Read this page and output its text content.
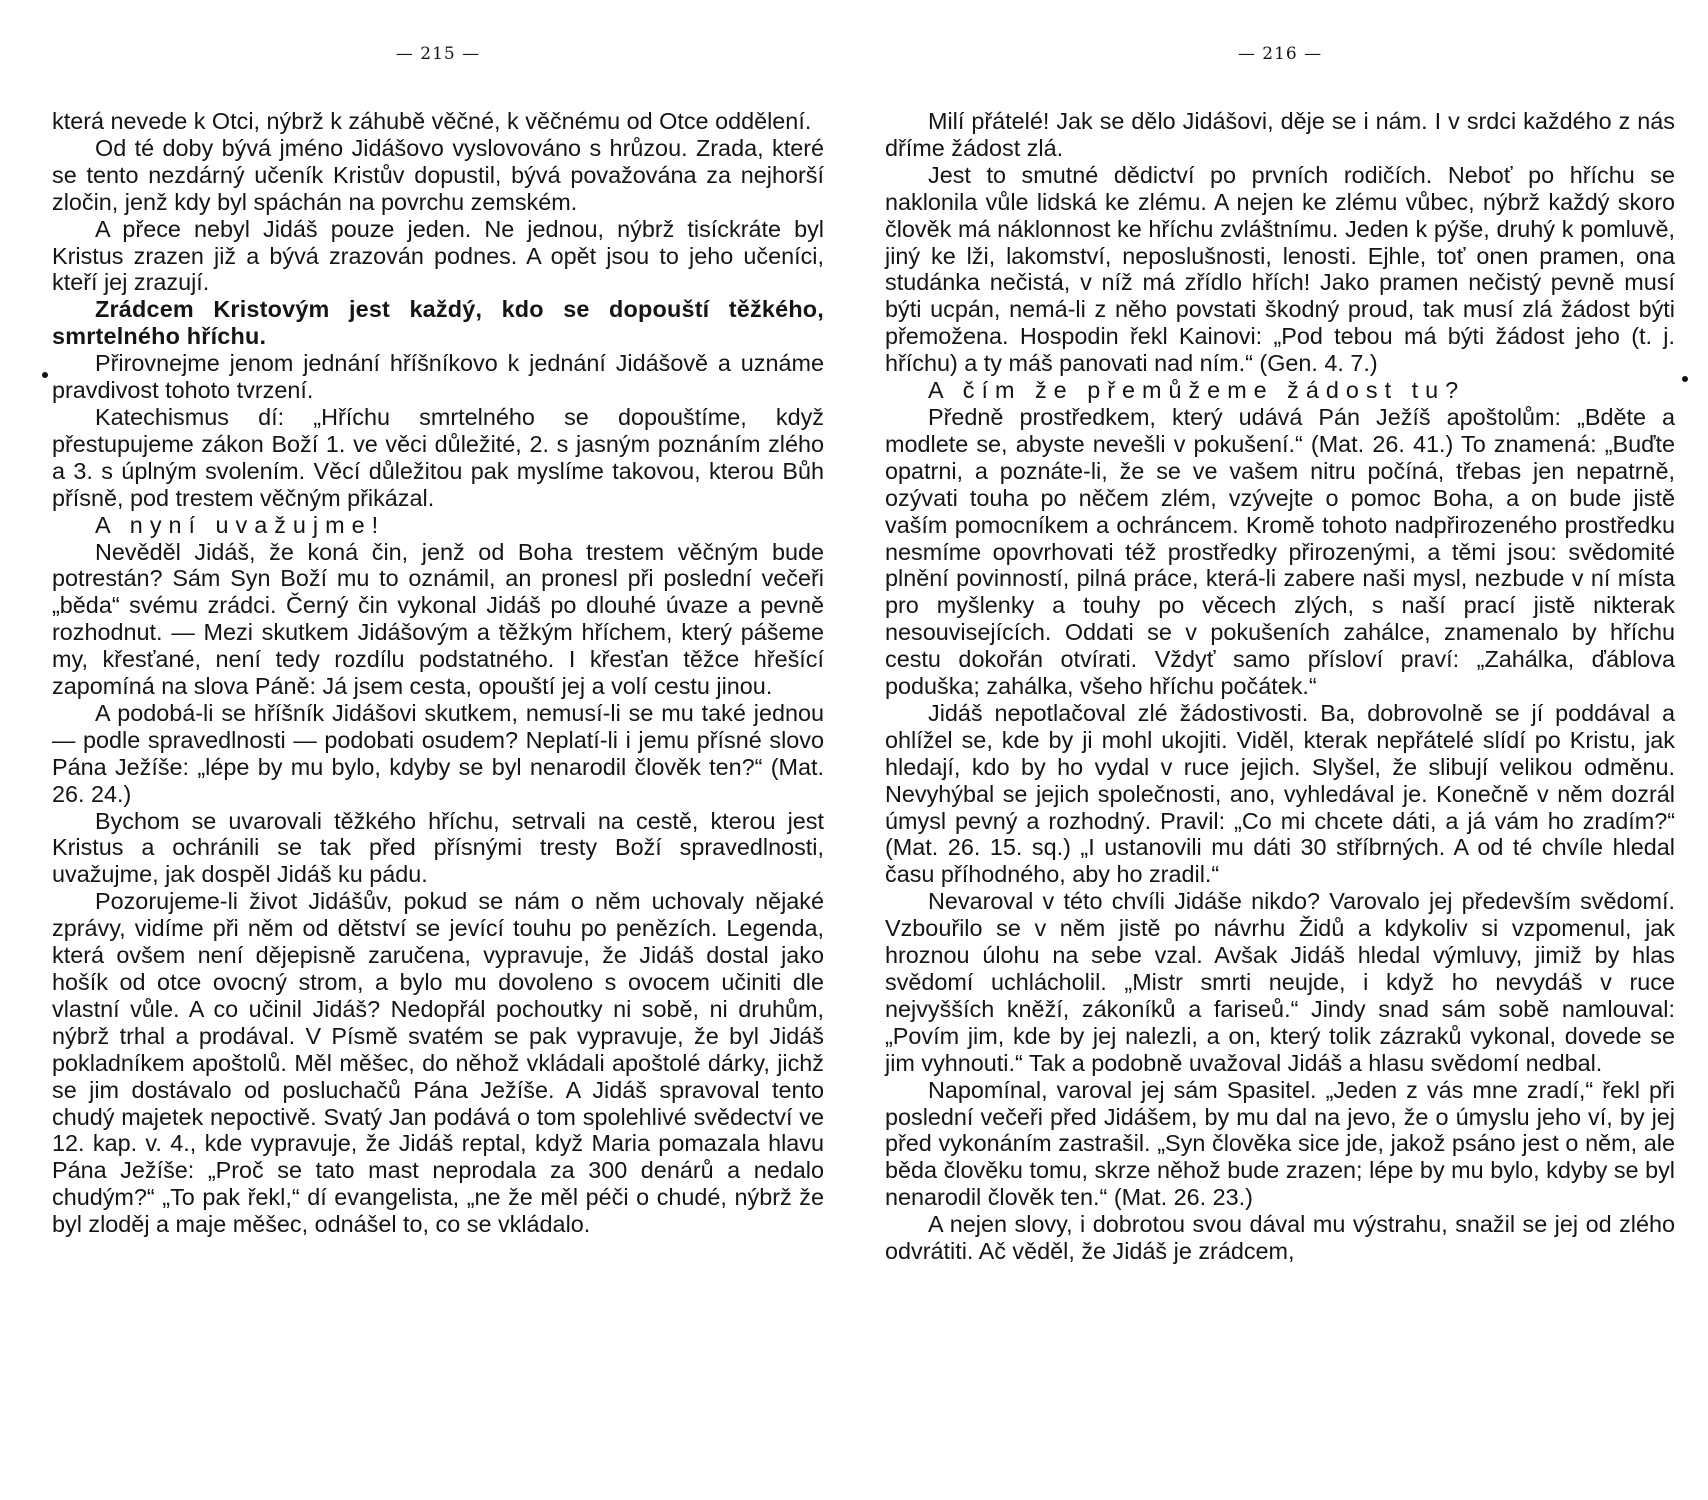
— 215 —

která nevede k Otci, nýbrž k záhubě věčné, k věčnému od Otce oddělení.

Od té doby bývá jméno Jidášovo vyslovováno s hrůzou. Zrada, které se tento nezdárný učeník Kristův dopustil, bývá považována za nejhorší zločin, jenž kdy byl spáchán na povrchu zemském.

A přece nebyl Jidáš pouze jeden. Ne jednou, nýbrž tisíckráte byl Kristus zrazen již a bývá zrazován podnes. A opět jsou to jeho učeníci, kteří jej zrazují.

Zrádcem Kristovým jest každý, kdo se dopouští těžkého, smrtelného hříchu.

Přirovnejme jenom jednání hříšníkovo k jednání Jidášově a uznáme pravdivost tohoto tvrzení.

Katechismus dí: „Hříchu smrtelného se dopouštíme, když přestupujeme zákon Boží 1. ve věci důležité, 2. s jasným poznáním zlého a 3. s úplným svolením. Věcí důležitou pak myslíme takovou, kterou Bůh přísně, pod trestem věčným přikázal.

A nyní uvažujme!

Nevěděl Jidáš, že koná čin, jenž od Boha trestem věčným bude potrestán? Sám Syn Boží mu to oznámil, an pronesl při poslední večeři „běda“ svému zrádci. Černý čin vykonal Jidáš po dlouhé úvaze a pevně rozhodnut. — Mezi skutkem Jidášovým a těžkým hříchem, který pášeme my, křesťané, není tedy rozdílu podstatného. I křesťan těžce hřešící zapomíná na slova Páně: Já jsem cesta, opouští jej a volí cestu jinou.

A podobá-li se hříšník Jidášovi skutkem, nemusí-li se mu také jednou — podle spravedlnosti — podobati osudem? Neplatí-li i jemu přísné slovo Pána Ježíše: „lépe by mu bylo, kdyby se byl nenarodil člověk ten?“ (Mat. 26. 24.)

Bychom se uvarovali těžkého hříchu, setrvali na cestě, kterou jest Kristus a ochránili se tak před přísnými tresty Boží spravedlnosti, uvažujme, jak dospěl Jidáš ku pádu.

Pozorujeme-li život Jidášův, pokud se nám o něm uchovaly nějaké zprávy, vidíme při něm od dětství se jevící touhu po penězích. Legenda, která ovšem není dějepisně zaručena, vypravuje, že Jidáš dostal jako hošík od otce ovocný strom, a bylo mu dovoleno s ovocem učiniti dle vlastní vůle. A co učinil Jidáš? Nedopřál pochoutky ni sobě, ni druhům, nýbrž trhal a prodával. V Písmě svatém se pak vypravuje, že byl Jidáš pokladníkem apoštolů. Měl měšec, do něhož vkládali apoštolé dárky, jichž se jim dostávalo od posluchačů Pána Ježíše. A Jidáš spravoval tento chudý majetek nepoctivě. Svatý Jan podává o tom spolehlivé svědectví ve 12. kap. v. 4., kde vypravuje, že Jidáš reptal, když Maria pomazala hlavu Pána Ježíše: „Proč se tato mast neprodala za 300 denárů a nedalo chudým?“ „To pak řekl,“ dí evangelista, „ne že měl péči o chudé, nýbrž že byl zloděj a maje měšec, odnášel to, co se vkládalo.

— 216 —

Milí přátelé! Jak se dělo Jidášovi, děje se i nám. I v srdci každého z nás dříme žádost zlá.

Jest to smutné dědictví po prvních rodičích. Neboť po hříchu se naklonila vůle lidská ke zlému. A nejen ke zlému vůbec, nýbrž každý skoro člověk má náklonnost ke hříchu zvláštnímu. Jeden k pýše, druhý k pomluvě, jiný ke lži, lakomství, neposlušnosti, lenosti. Ejhle, toť onen pramen, ona studánka nečistá, v níž má zřídlo hřích! Jako pramen nečistý pevně musí býti ucpán, nemá-li z něho povstati škodný proud, tak musí zlá žádost býti přemožena. Hospodin řekl Kainovi: „Pod tebou má býti žádost jeho (t. j. hříchu) a ty máš panovati nad ním.“ (Gen. 4. 7.)

A čím že přemůžeme žádost tu?

Předně prostředkem, který udává Pán Ježíš apoštolům: „Bděte a modlete se, abyste nevešli v pokušení.“ (Mat. 26. 41.) To znamená: „Buďte opatrni, a poznáte-li, že se ve vašem nitru počíná, třebas jen nepatrně, ozývati touha po něčem zlém, vzývejte o pomoc Boha, a on bude jistě vaším pomocníkem a ochráncem. Kromě tohoto nadpřirozeného prostředku nesmíme opovrhovati též prostředky přirozenými, a těmi jsou: svědomité plnění povinností, pilná práce, která-li zabere naši mysl, nezbude v ní místa pro myšlenky a touhy po věcech zlých, s naší prací jistě nikterak nesouvisejících. Oddati se v pokušeních zahálce, znamenalo by hříchu cestu dokořán otvírati. Vždyť samo přísloví praví: „Zahálka, ďáblova poduška; zahálka, všeho hříchu počátek.“

Jidáš nepotlačoval zlé žádostivosti. Ba, dobrovolně se jí poddával a ohlížel se, kde by ji mohl ukojiti. Viděl, kterak nepřátelé slídí po Kristu, jak hledají, kdo by ho vydal v ruce jejich. Slyšel, že slibují velikou odměnu. Nevyhýbal se jejich společnosti, ano, vyhledával je. Konečně v něm dozrál úmysl pevný a rozhodný. Pravil: „Co mi chcete dáti, a já vám ho zradím?“ (Mat. 26. 15. sq.) „I ustanovili mu dáti 30 stříbrných. A od té chvíle hledal času příhodného, aby ho zradil.“

Nevaroval v této chvíli Jidáše nikdo? Varovalo jej především svědomí. Vzbouřilo se v něm jistě po návrhu Židů a kdykoliv si vzpomenul, jak hroznou úlohu na sebe vzal. Avšak Jidáš hledal výmluvy, jimiž by hlas svědomí uchlácholil. „Mistr smrti neujde, i když ho nevydáš v ruce nejvyšších kněží, zákoníků a fariseů.“ Jindy snad sám sobě namlouval: „Povím jim, kde by jej nalezli, a on, který tolik zázraků vykonal, dovede se jim vyhnouti.“ Tak a podobně uvažoval Jidáš a hlasu svědomí nedbal.

Napomínal, varoval jej sám Spasitel. „Jeden z vás mne zradí,“ řekl při poslední večeři před Jidášem, by mu dal na jevo, že o úmyslu jeho ví, by jej před vykonáním zastrašil. „Syn člověka sice jde, jakož psáno jest o něm, ale běda člověku tomu, skrze něhož bude zrazen; lépe by mu bylo, kdyby se byl nenarodil člověk ten.“ (Mat. 26. 23.)

A nejen slovy, i dobrotou svou dával mu výstrahu, snažil se jej od zlého odvrátiti. Ač věděl, že Jidáš je zrádcem,
